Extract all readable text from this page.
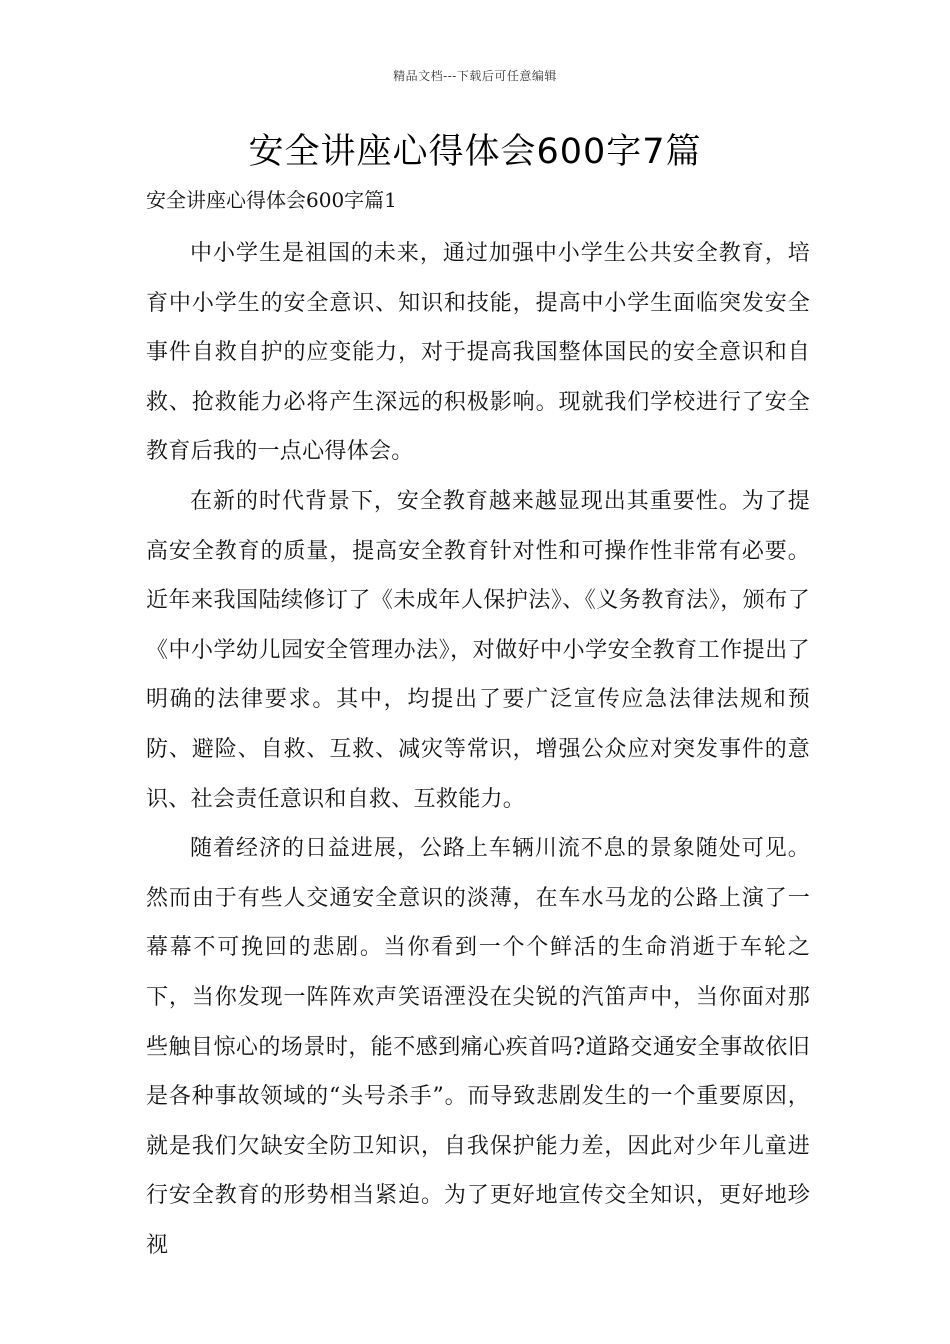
精品文档---下载后可任意编辑
安全讲座心得体会600字7篇
安全讲座心得体会600字篇1

中小学生是祖国的未来，通过加强中小学生公共安全教育，培育中小学生的安全意识、知识和技能，提高中小学生面临突发安全事件自救自护的应变能力，对于提高我国整体国民的安全意识和自救、抢救能力必将产生深远的积极影响。现就我们学校进行了安全教育后我的一点心得体会。

在新的时代背景下，安全教育越来越显现出其重要性。为了提高安全教育的质量，提高安全教育针对性和可操作性非常有必要。近年来我国陆续修订了《未成年人保护法》、《义务教育法》，颁布了《中小学幼儿园安全管理办法》，对做好中小学安全教育工作提出了明确的法律要求。其中，均提出了要广泛宣传应急法律法规和预防、避险、自救、互救、减灾等常识，增强公众应对突发事件的意识、社会责任意识和自救、互救能力。

随着经济的日益进展，公路上车辆川流不息的景象随处可见。然而由于有些人交通安全意识的淡薄，在车水马龙的公路上演了一幕幕不可挽回的悲剧。当你看到一个个鲜活的生命消逝于车轮之下，当你发现一阵阵欢声笑语湮没在尖锐的汽笛声中，当你面对那些触目惊心的场景时，能不感到痛心疾首吗?道路交通安全事故依旧是各种事故领域的“头号杀手”。而导致悲剧发生的一个重要原因，就是我们欠缺安全防卫知识，自我保护能力差，因此对少年儿童进行安全教育的形势相当紧迫。为了更好地宣传交全知识，更好地珍视
